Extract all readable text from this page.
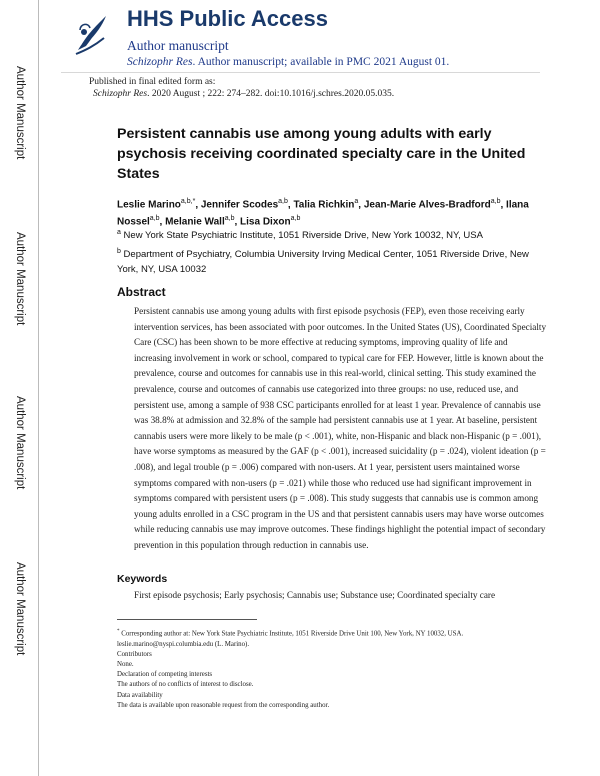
Author Manuscript
Author Manuscript
Author Manuscript
Author Manuscript
HHS Public Access
Author manuscript
Schizophr Res. Author manuscript; available in PMC 2021 August 01.
Published in final edited form as:
Schizophr Res. 2020 August ; 222: 274–282. doi:10.1016/j.schres.2020.05.035.
Persistent cannabis use among young adults with early psychosis receiving coordinated specialty care in the United States
Leslie Marino$^{a,b,*}$, Jennifer Scodes$^{a,b}$, Talia Richkin$^a$, Jean-Marie Alves-Bradford$^{a,b}$, Ilana Nossel$^{a,b}$, Melanie Wall$^{a,b}$, Lisa Dixon$^{a,b}$
$^a$ New York State Psychiatric Institute, 1051 Riverside Drive, New York 10032, NY, USA
$^b$ Department of Psychiatry, Columbia University Irving Medical Center, 1051 Riverside Drive, New York, NY, USA 10032
Abstract
Persistent cannabis use among young adults with first episode psychosis (FEP), even those receiving early intervention services, has been associated with poor outcomes. In the United States (US), Coordinated Specialty Care (CSC) has been shown to be more effective at reducing symptoms, improving quality of life and increasing involvement in work or school, compared to typical care for FEP. However, little is known about the prevalence, course and outcomes for cannabis use in this real-world, clinical setting. This study examined the prevalence, course and outcomes of cannabis use categorized into three groups: no use, reduced use, and persistent use, among a sample of 938 CSC participants enrolled for at least 1 year. Prevalence of cannabis use was 38.8% at admission and 32.8% of the sample had persistent cannabis use at 1 year. At baseline, persistent cannabis users were more likely to be male (p < .001), white, non-Hispanic and black non-Hispanic (p = .001), have worse symptoms as measured by the GAF (p < .001), increased suicidality (p = .024), violent ideation (p = .008), and legal trouble (p = .006) compared with non-users. At 1 year, persistent users maintained worse symptoms compared with non-users (p = .021) while those who reduced use had significant improvement in symptoms compared with persistent users (p = .008). This study suggests that cannabis use is common among young adults enrolled in a CSC program in the US and that persistent cannabis users may have worse outcomes while reducing cannabis use may improve outcomes. These findings highlight the potential impact of secondary prevention in this population through reduction in cannabis use.
Keywords
First episode psychosis; Early psychosis; Cannabis use; Substance use; Coordinated specialty care
* Corresponding author at: New York State Psychiatric Institute, 1051 Riverside Drive Unit 100, New York, NY 10032, USA.
leslie.marino@nyspi.columbia.edu (L. Marino).
Contributors
None.
Declaration of competing interests
The authors of no conflicts of interest to disclose.
Data availability
The data is available upon reasonable request from the corresponding author.
